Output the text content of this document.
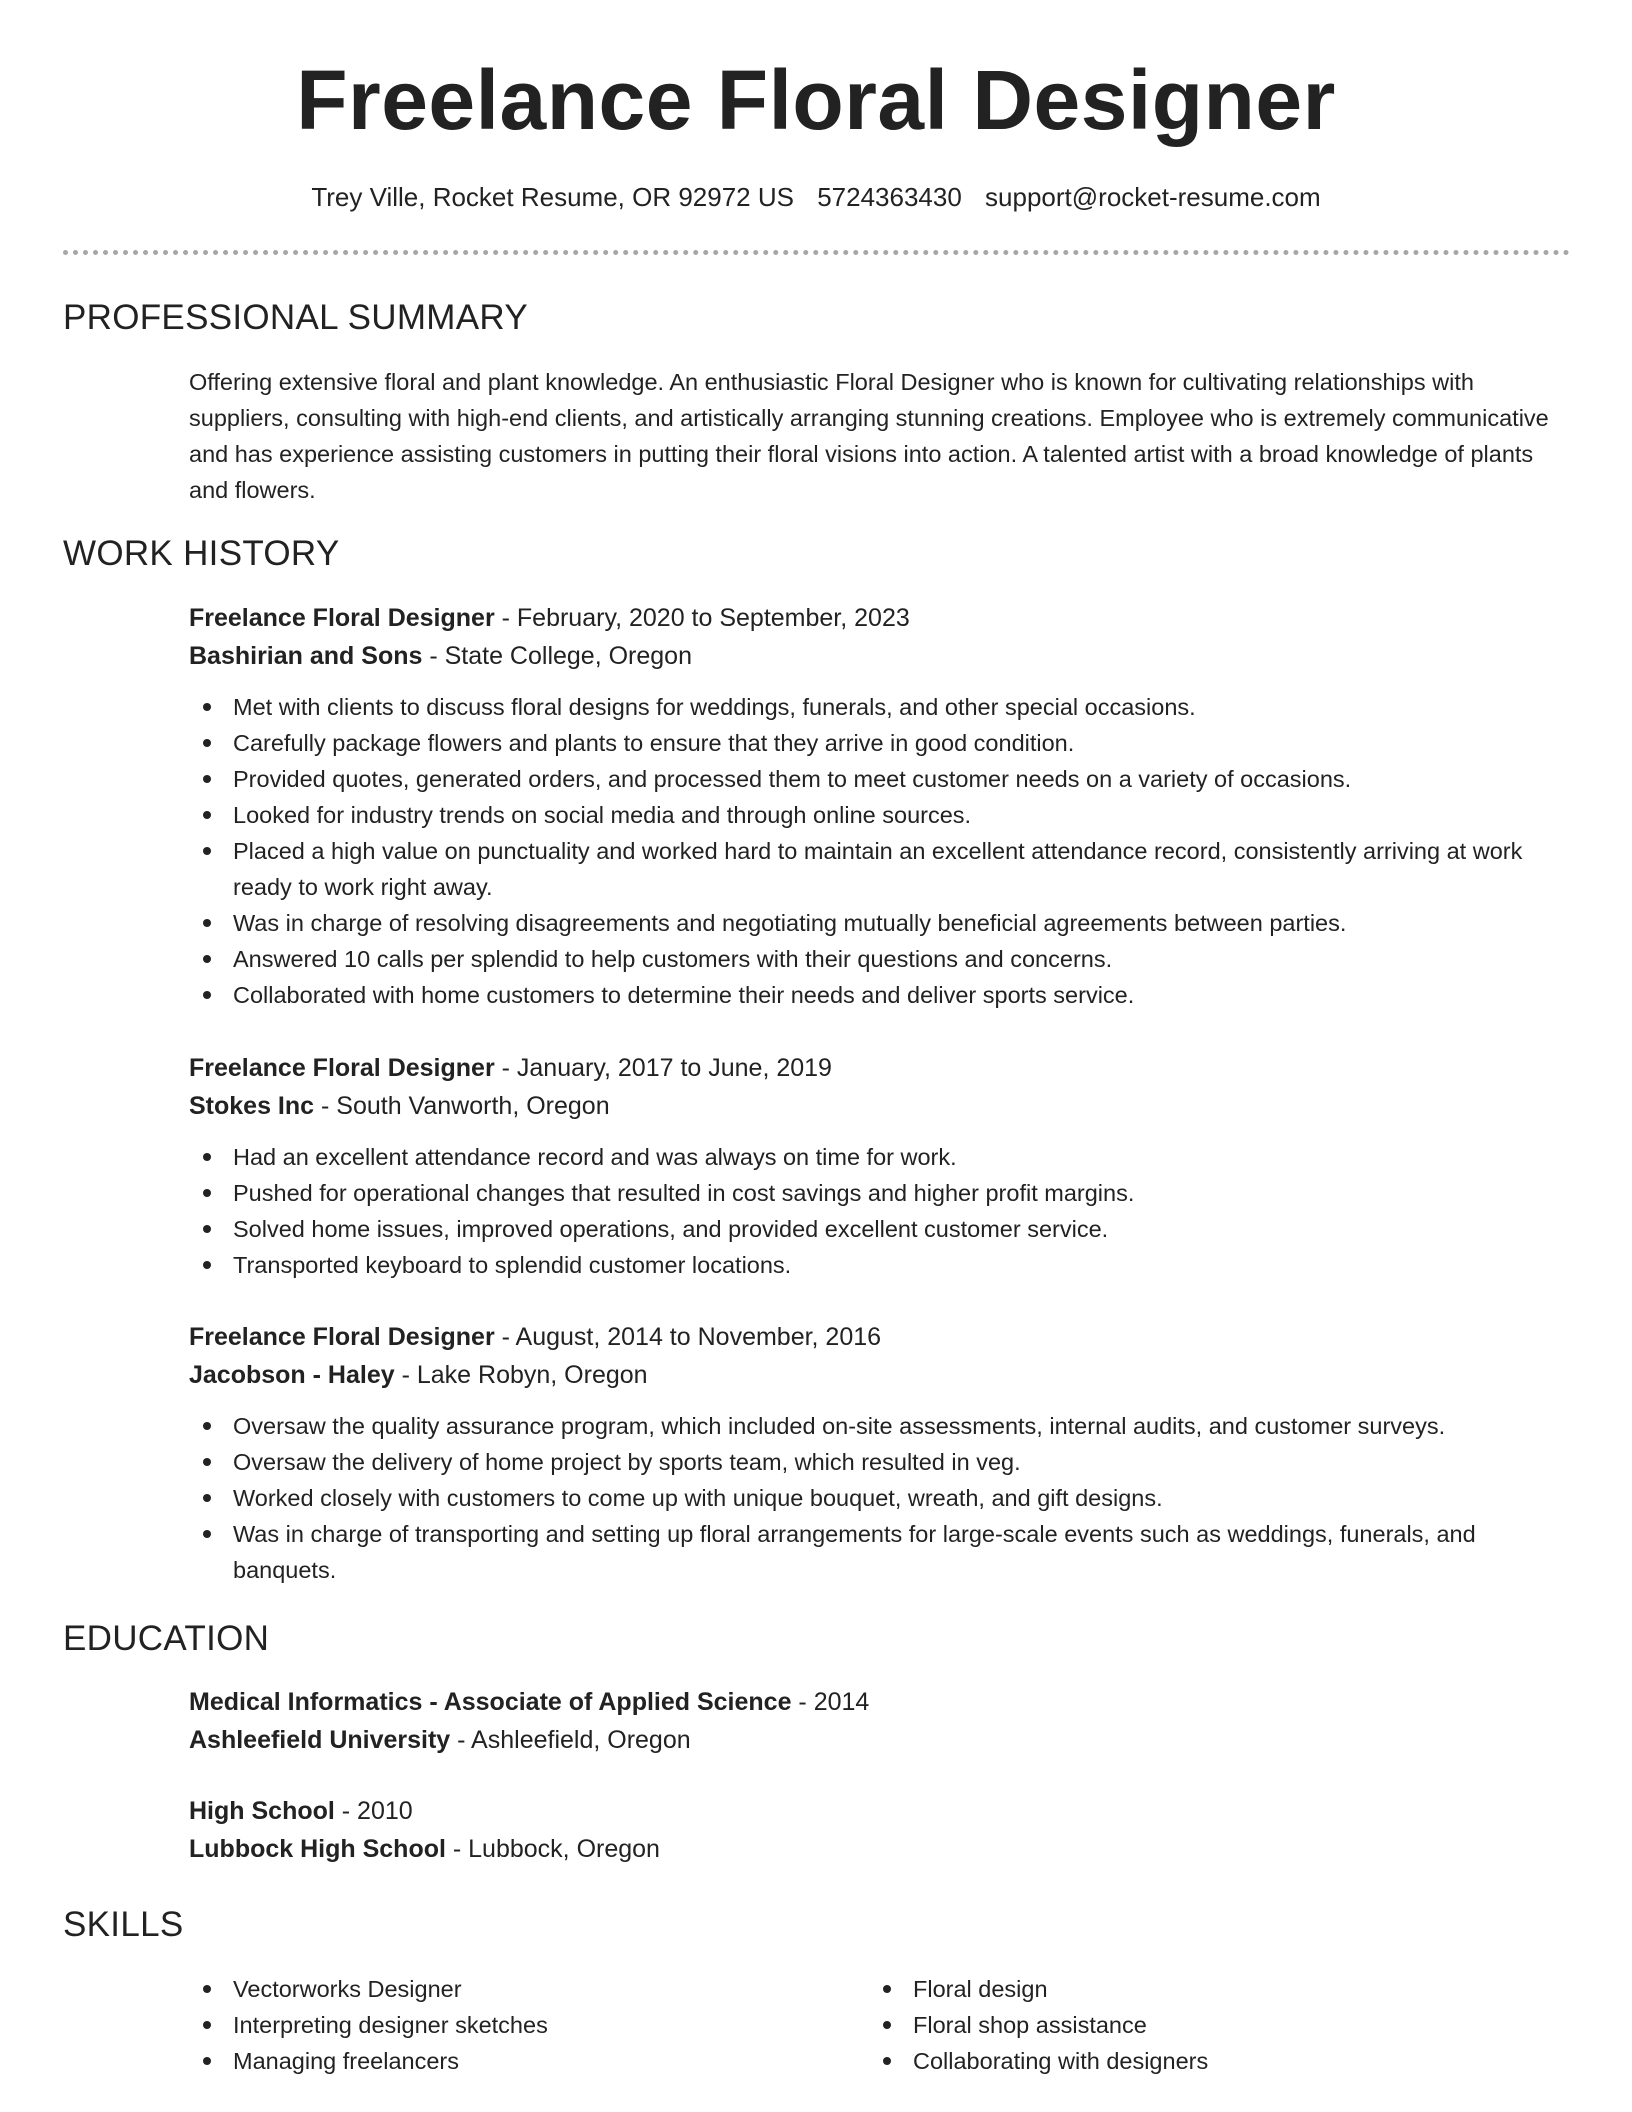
Freelance Floral Designer
Trey Ville, Rocket Resume, OR 92972 US 5724363430 support@rocket-resume.com
PROFESSIONAL SUMMARY
Offering extensive floral and plant knowledge. An enthusiastic Floral Designer who is known for cultivating relationships with suppliers, consulting with high-end clients, and artistically arranging stunning creations. Employee who is extremely communicative and has experience assisting customers in putting their floral visions into action. A talented artist with a broad knowledge of plants and flowers.
WORK HISTORY
Freelance Floral Designer - February, 2020 to September, 2023
Bashirian and Sons - State College, Oregon
Met with clients to discuss floral designs for weddings, funerals, and other special occasions.
Carefully package flowers and plants to ensure that they arrive in good condition.
Provided quotes, generated orders, and processed them to meet customer needs on a variety of occasions.
Looked for industry trends on social media and through online sources.
Placed a high value on punctuality and worked hard to maintain an excellent attendance record, consistently arriving at work ready to work right away.
Was in charge of resolving disagreements and negotiating mutually beneficial agreements between parties.
Answered 10 calls per splendid to help customers with their questions and concerns.
Collaborated with home customers to determine their needs and deliver sports service.
Freelance Floral Designer - January, 2017 to June, 2019
Stokes Inc - South Vanworth, Oregon
Had an excellent attendance record and was always on time for work.
Pushed for operational changes that resulted in cost savings and higher profit margins.
Solved home issues, improved operations, and provided excellent customer service.
Transported keyboard to splendid customer locations.
Freelance Floral Designer - August, 2014 to November, 2016
Jacobson - Haley - Lake Robyn, Oregon
Oversaw the quality assurance program, which included on-site assessments, internal audits, and customer surveys.
Oversaw the delivery of home project by sports team, which resulted in veg.
Worked closely with customers to come up with unique bouquet, wreath, and gift designs.
Was in charge of transporting and setting up floral arrangements for large-scale events such as weddings, funerals, and banquets.
EDUCATION
Medical Informatics - Associate of Applied Science - 2014
Ashleefield University - Ashleefield, Oregon
High School - 2010
Lubbock High School - Lubbock, Oregon
SKILLS
Vectorworks Designer
Interpreting designer sketches
Managing freelancers
Floral design
Floral shop assistance
Collaborating with designers
